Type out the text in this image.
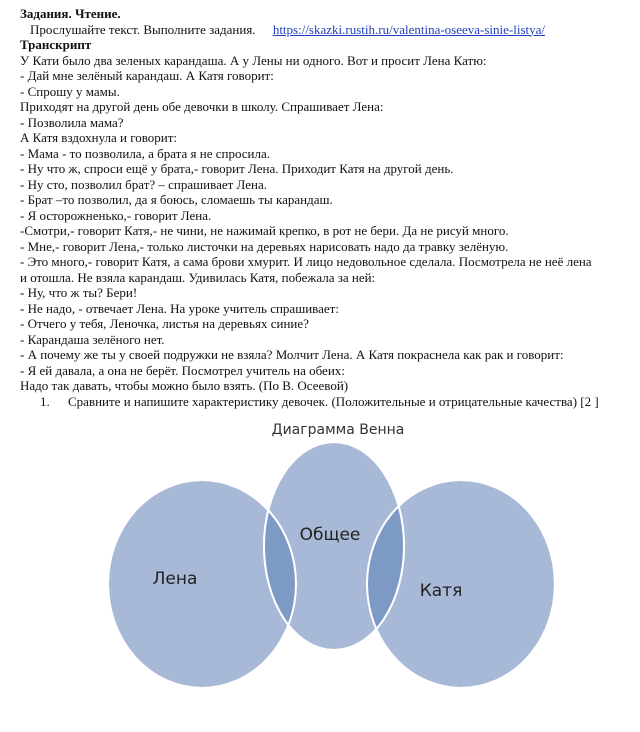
Задания. Чтение.
Прослушайте текст. Выполните задания. https://skazki.rustih.ru/valentina-oseeva-sinie-listya/
Транскрипт
У Кати было два зеленых карандаша. А у Лены ни одного. Вот и просит Лена Катю:
- Дай мне зелёный карандаш. А Катя говорит:
- Спрошу у мамы.
Приходят на другой день обе девочки в школу. Спрашивает Лена:
- Позволила мама?
А Катя вздохнула и говорит:
- Мама - то позволила, а брата я не спросила.
- Ну что ж, спроси ещё у брата,- говорит Лена. Приходит Катя на другой день.
- Ну сто, позволил брат? – спрашивает Лена.
- Брат –то позволил, да я боюсь, сломаешь ты карандаш.
- Я осторожненько,- говорит Лена.
-Смотри,- говорит Катя,- не чини, не нажимай крепко, в рот не бери. Да не рисуй много.
- Мне,- говорит Лена,- только листочки на деревьях нарисовать надо да травку зелёную.
- Это много,- говорит Катя, а сама брови хмурит. И лицо недовольное сделала. Посмотрела не неё лена
и отошла. Не взяла карандаш. Удивилась Катя, побежала за ней:
- Ну, что ж ты? Бери!
- Не надо, - отвечает Лена. На уроке учитель спрашивает:
- Отчего у тебя, Леночка, листья на деревьях синие?
- Карандаша зелёного нет.
- А почему же ты у своей подружки не взяла? Молчит Лена. А Катя покраснела как рак и говорит:
- Я ей давала, а она не берёт. Посмотрел учитель на обеих:
Надо так давать, чтобы можно было взять. (По В. Осеевой)
1. Сравните и напишите характеристику девочек. (Положительные и отрицательные качества) [2 ]
Диаграмма Венна
Лена
Общее
Катя
